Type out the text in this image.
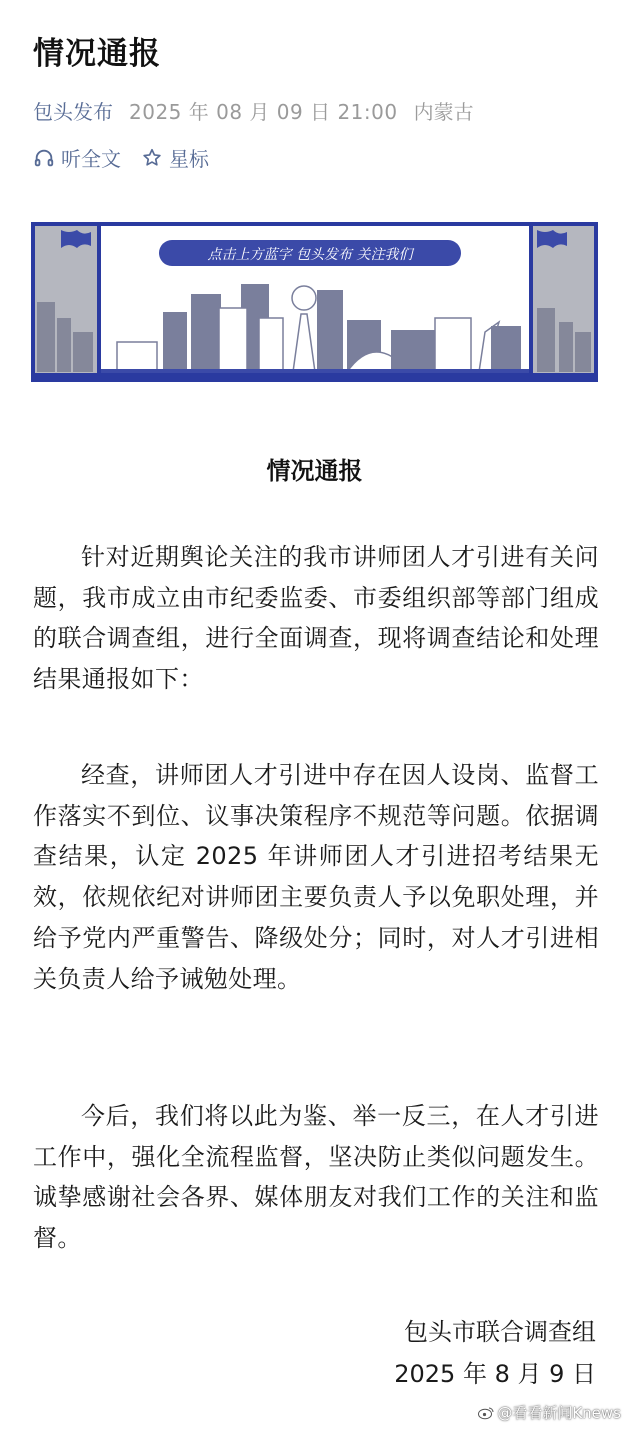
情况通报
包头发布 2025 年 08 月 09 日 21:00 内蒙古
听全文 星标
点击上方蓝字 包头发布 关注我们
情况通报

针对近期舆论关注的我市讲师团人才引进有关问题，我市成立由市纪委监委、市委组织部等部门组成的联合调查组，进行全面调查，现将调查结论和处理结果通报如下：

经查，讲师团人才引进中存在因人设岗、监督工作落实不到位、议事决策程序不规范等问题。依据调查结果，认定 2025 年讲师团人才引进招考结果无效，依规依纪对讲师团主要负责人予以免职处理，并给予党内严重警告、降级处分；同时，对人才引进相关负责人给予诫勉处理。

今后，我们将以此为鉴、举一反三，在人才引进工作中，强化全流程监督，坚决防止类似问题发生。诚挚感谢社会各界、媒体朋友对我们工作的关注和监督。

包头市联合调查组
2025 年 8 月 9 日
@看看新闻Knews
